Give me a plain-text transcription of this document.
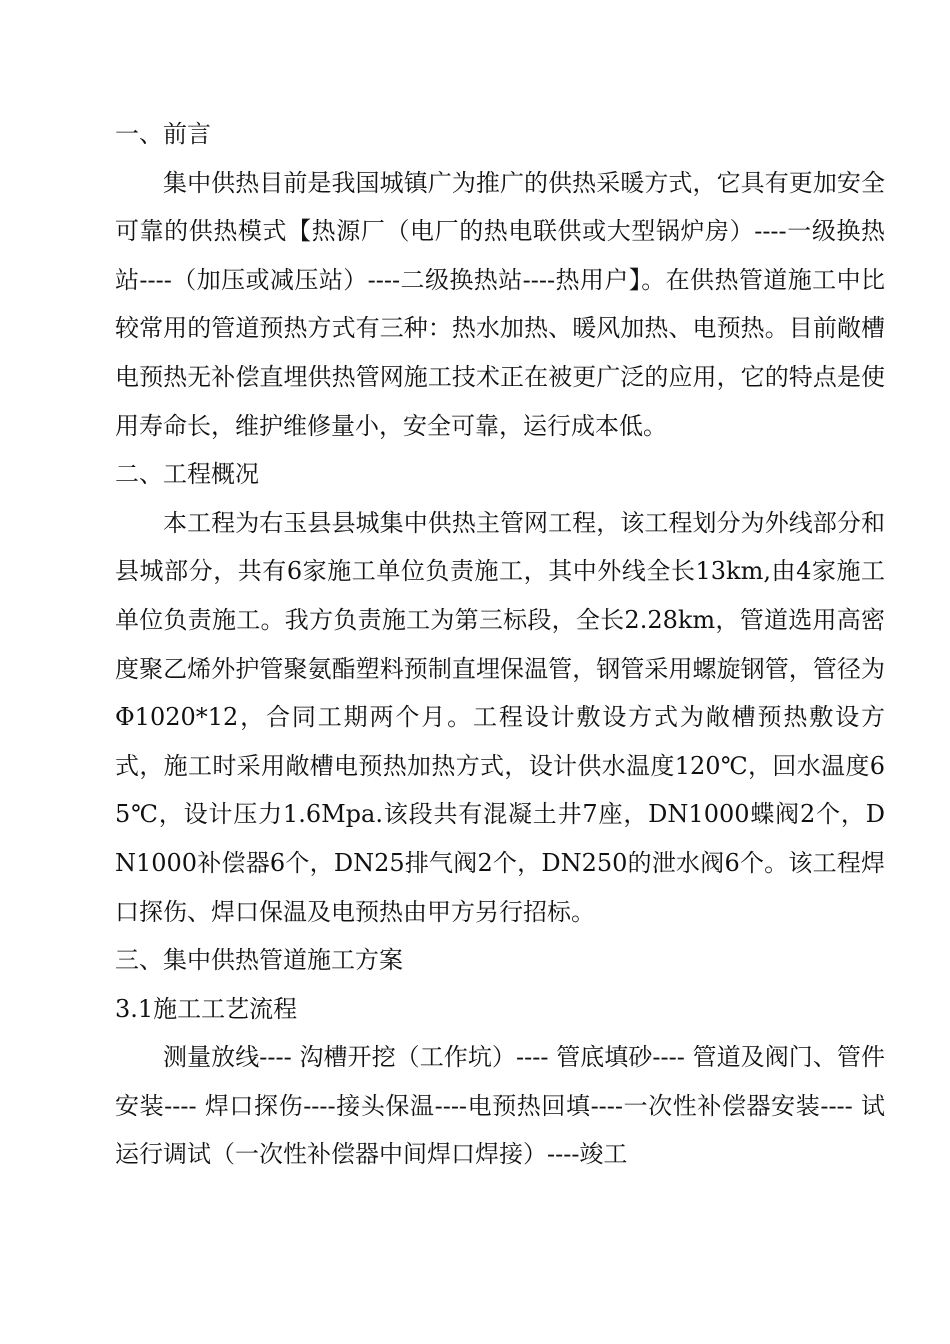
一、前言

集中供热目前是我国城镇广为推广的供热采暖方式，它具有更加安全可靠的供热模式【热源厂（电厂的热电联供或大型锅炉房）----一级换热站----（加压或减压站）----二级换热站----热用户】。在供热管道施工中比较常用的管道预热方式有三种：热水加热、暖风加热、电预热。目前敞槽电预热无补偿直埋供热管网施工技术正在被更广泛的应用，它的特点是使用寿命长，维护维修量小，安全可靠，运行成本低。

二、工程概况

本工程为右玉县县城集中供热主管网工程，该工程划分为外线部分和县城部分，共有6家施工单位负责施工，其中外线全长13km,由4家施工单位负责施工。我方负责施工为第三标段，全长2.28km，管道选用高密度聚乙烯外护管聚氨酯塑料预制直埋保温管，钢管采用螺旋钢管，管径为Φ1020*12，合同工期两个月。工程设计敷设方式为敞槽预热敷设方式，施工时采用敞槽电预热加热方式，设计供水温度120℃，回水温度65℃，设计压力1.6Mpa.该段共有混凝土井7座，DN1000蝶阀2个，DN1000补偿器6个，DN25排气阀2个，DN250的泄水阀6个。该工程焊口探伤、焊口保温及电预热由甲方另行招标。

三、集中供热管道施工方案
3.1施工工艺流程

测量放线---- 沟槽开挖（工作坑）---- 管底填砂---- 管道及阀门、管件安装---- 焊口探伤----接头保温----电预热回填----一次性补偿器安装---- 试运行调试（一次性补偿器中间焊口焊接）----竣工
